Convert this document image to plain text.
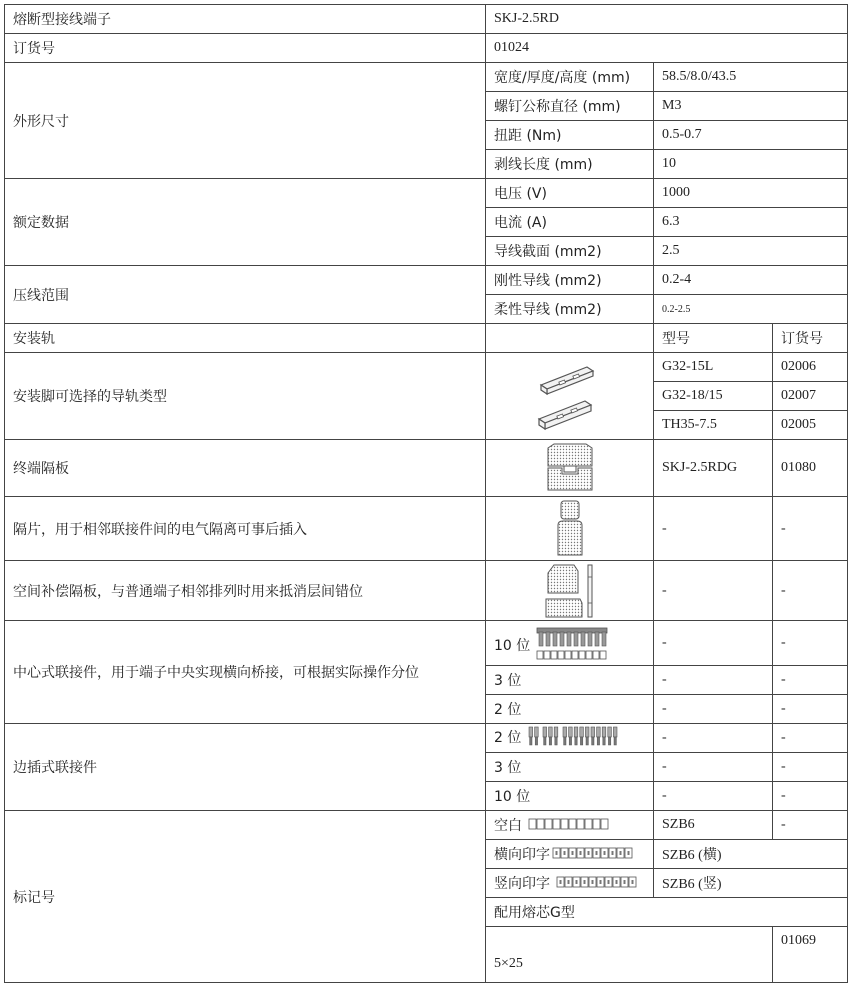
熔断型接线端子	SKJ-2.5RD		
订货号	01024		
外形尺寸	宽度/厚度/高度 (mm)	58.5/8.0/43.5	
	螺钉公称直径 (mm)	M3	
	扭距 (Nm)	0.5-0.7	
	剥线长度 (mm)	10	
额定数据	电压 (V)	1000	
	电流 (A)	6.3	
	导线截面 (mm2)	2.5	
压线范围	刚性导线 (mm2)	0.2-4	
	柔性导线 (mm2)	0.2-2.5	
安装轨		型号	订货号
安装脚可选择的导轨类型		G32-15L	02006
		G32-18/15	02007
		TH35-7.5	02005
终端隔板		SKJ-2.5RDG	01080
隔片，用于相邻联接件间的电气隔离可事后插入		-	-
空间补偿隔板，与普通端子相邻排列时用来抵消层间错位		-	-
中心式联接件，用于端子中央实现横向桥接，可根据实际操作分位	10 位	-	-
	3 位	-	-
	2 位	-	-
边插式联接件	2 位	-	-
	3 位	-	-
	10 位	-	-
标记号	空白	SZB6	-
	横向印字	SZB6 (横)	
	竖向印字	SZB6 (竖)	
	配用熔芯G型		
	5×25		01069
